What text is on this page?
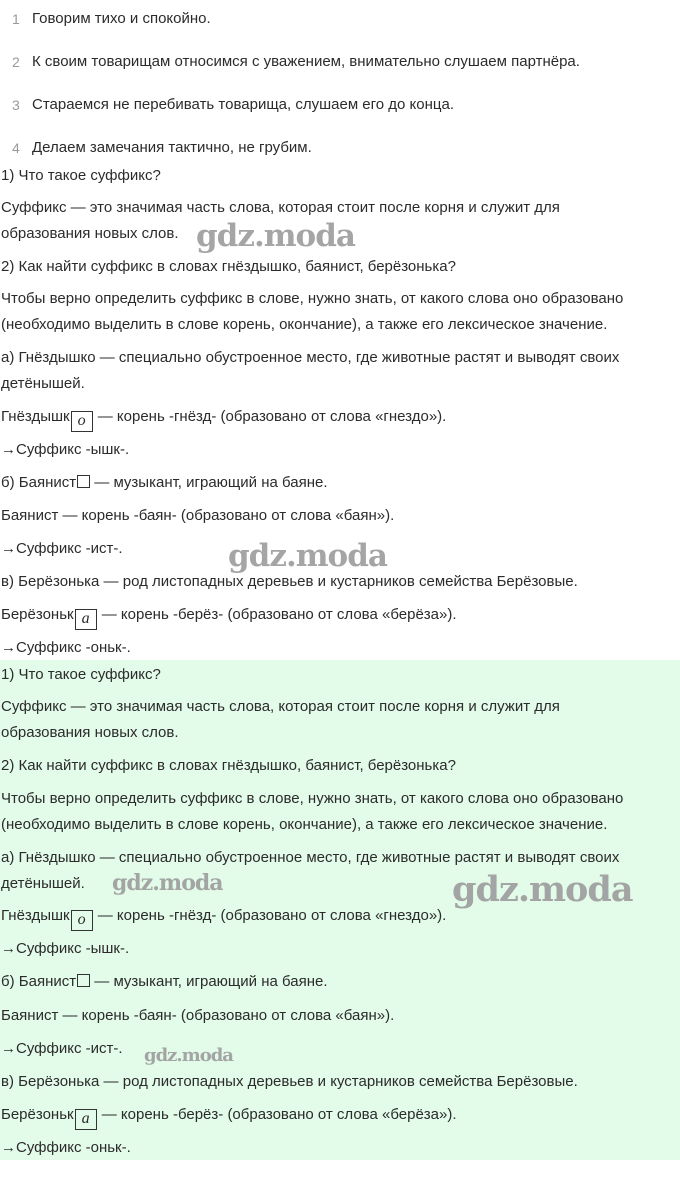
1 Говорим тихо и спокойно.
2 К своим товарищам относимся с уважением, внимательно слушаем партнёра.
3 Стараемся не перебивать товарища, слушаем его до конца.
4 Делаем замечания тактично, не грубим.
1) Что такое суффикс?
Суффикс — это значимая часть слова, которая стоит после корня и служит для
образования новых слов.
2) Как найти суффикс в словах гнёздышко, баянист, берёзонька?
Чтобы верно определить суффикс в слове, нужно знать, от какого слова оно образовано
(необходимо выделить в слове корень, окончание), а также его лексическое значение.
а) Гнёздышко — специально обустроенное место, где животные растят и выводят своих
детёнышей.
Гнёздышк о — корень -гнёзд- (образовано от слова «гнездо»).
→Суффикс -ышк-.
б) Баянист — музыкант, играющий на баяне.
Баянист — корень -баян- (образовано от слова «баян»).
→Суффикс -ист-.
в) Берёзонька — род листопадных деревьев и кустарников семейства Берёзовые.
Берёзоньк а — корень -берёз- (образовано от слова «берёза»).
→Суффикс -оньк-.
1) Что такое суффикс?
Суффикс — это значимая часть слова, которая стоит после корня и служит для
образования новых слов.
2) Как найти суффикс в словах гнёздышко, баянист, берёзонька?
Чтобы верно определить суффикс в слове, нужно знать, от какого слова оно образовано
(необходимо выделить в слове корень, окончание), а также его лексическое значение.
а) Гнёздышко — специально обустроенное место, где животные растят и выводят своих
детёнышей.
Гнёздышк о — корень -гнёзд- (образовано от слова «гнездо»).
→Суффикс -ышк-.
б) Баянист — музыкант, играющий на баяне.
Баянист — корень -баян- (образовано от слова «баян»).
→Суффикс -ист-.
в) Берёзонька — род листопадных деревьев и кустарников семейства Берёзовые.
Берёзоньк а — корень -берёз- (образовано от слова «берёза»).
→Суффикс -оньк-.
gdz.moda
gdz.moda
gdz.moda	gdz.moda
gdz.moda
